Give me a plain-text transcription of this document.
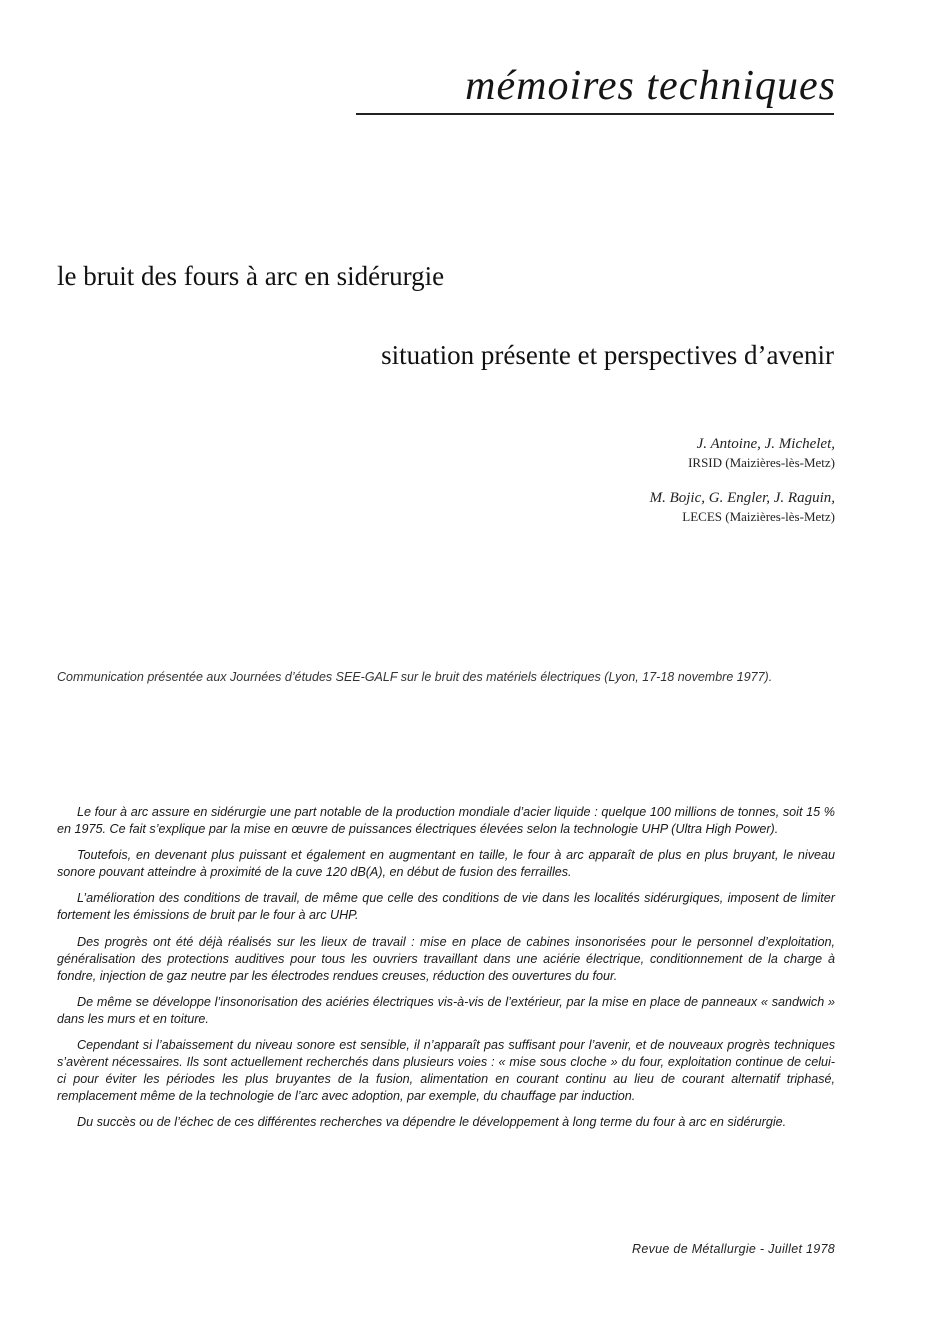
mémoires techniques
le bruit des fours à arc en sidérurgie
situation présente et perspectives d’avenir
J. Antoine, J. Michelet,
IRSID (Maizières-lès-Metz)
M. Bojic, G. Engler, J. Raguin,
LECES (Maizières-lès-Metz)
Communication présentée aux Journées d’études SEE-GALF sur le bruit des matériels électriques (Lyon, 17-18 novembre 1977).

Le four à arc assure en sidérurgie une part notable de la production mondiale d’acier liquide : quelque 100 millions de tonnes, soit 15 % en 1975. Ce fait s’explique par la mise en œuvre de puissances électriques élevées selon la technologie UHP (Ultra High Power).

Toutefois, en devenant plus puissant et également en augmentant en taille, le four à arc apparaît de plus en plus bruyant, le niveau sonore pouvant atteindre à proximité de la cuve 120 dB(A), en début de fusion des ferrailles.

L’amélioration des conditions de travail, de même que celle des conditions de vie dans les localités sidérurgiques, imposent de limiter fortement les émissions de bruit par le four à arc UHP.

Des progrès ont été déjà réalisés sur les lieux de travail : mise en place de cabines insonorisées pour le personnel d’exploitation, généralisation des protections auditives pour tous les ouvriers travaillant dans une aciérie électrique, conditionnement de la charge à fondre, injection de gaz neutre par les électrodes rendues creuses, réduction des ouvertures du four.

De même se développe l’insonorisation des aciéries électriques vis-à-vis de l’extérieur, par la mise en place de panneaux « sandwich » dans les murs et en toiture.

Cependant si l’abaissement du niveau sonore est sensible, il n’apparaît pas suffisant pour l’avenir, et de nouveaux progrès techniques s’avèrent nécessaires. Ils sont actuellement recherchés dans plusieurs voies : « mise sous cloche » du four, exploitation continue de celui-ci pour éviter les périodes les plus bruyantes de la fusion, alimentation en courant continu au lieu de courant alternatif triphasé, remplacement même de la technologie de l’arc avec adoption, par exemple, du chauffage par induction.

Du succès ou de l’échec de ces différentes recherches va dépendre le développement à long terme du four à arc en sidérurgie.

Revue de Métallurgie - Juillet 1978
